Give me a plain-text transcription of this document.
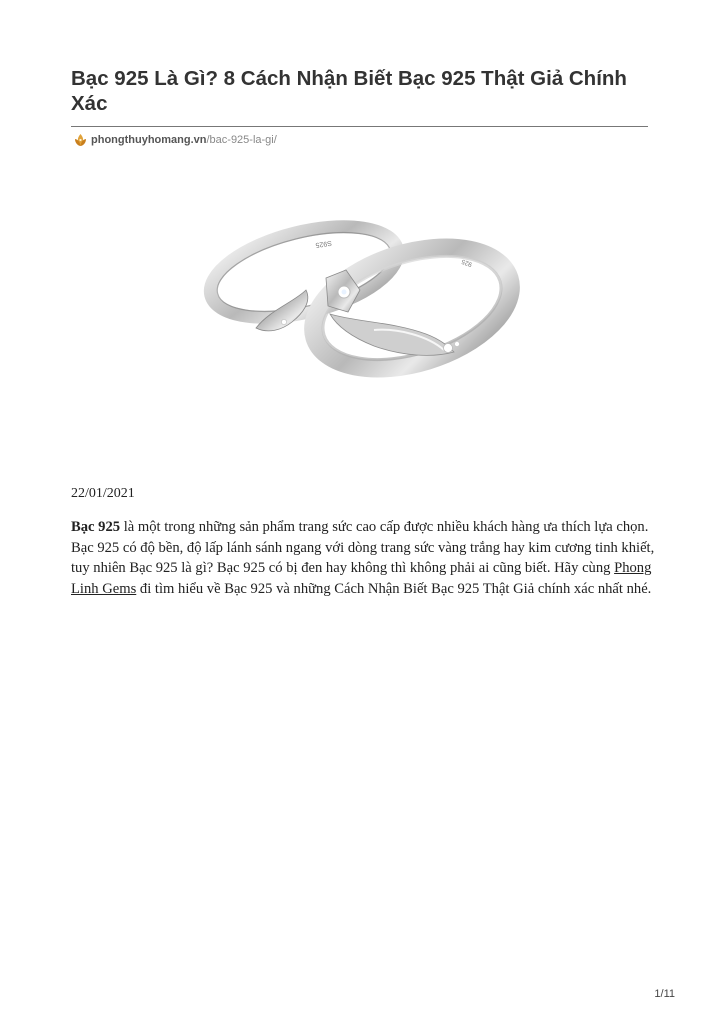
Bạc 925 Là Gì? 8 Cách Nhận Biết Bạc 925 Thật Giả Chính Xác
phongthuyhomang.vn /bac-925-la-gi/
S925
925
22/01/2021

Bạc 925 là một trong những sản phẩm trang sức cao cấp được nhiều khách hàng ưa thích lựa chọn. Bạc 925 có độ bền, độ lấp lánh sánh ngang với dòng trang sức vàng trắng hay kim cương tinh khiết, tuy nhiên Bạc 925 là gì? Bạc 925 có bị đen hay không thì không phải ai cũng biết. Hãy cùng Phong Linh Gems đi tìm hiểu về Bạc 925 và những Cách Nhận Biết Bạc 925 Thật Giả chính xác nhất nhé.

1/11
